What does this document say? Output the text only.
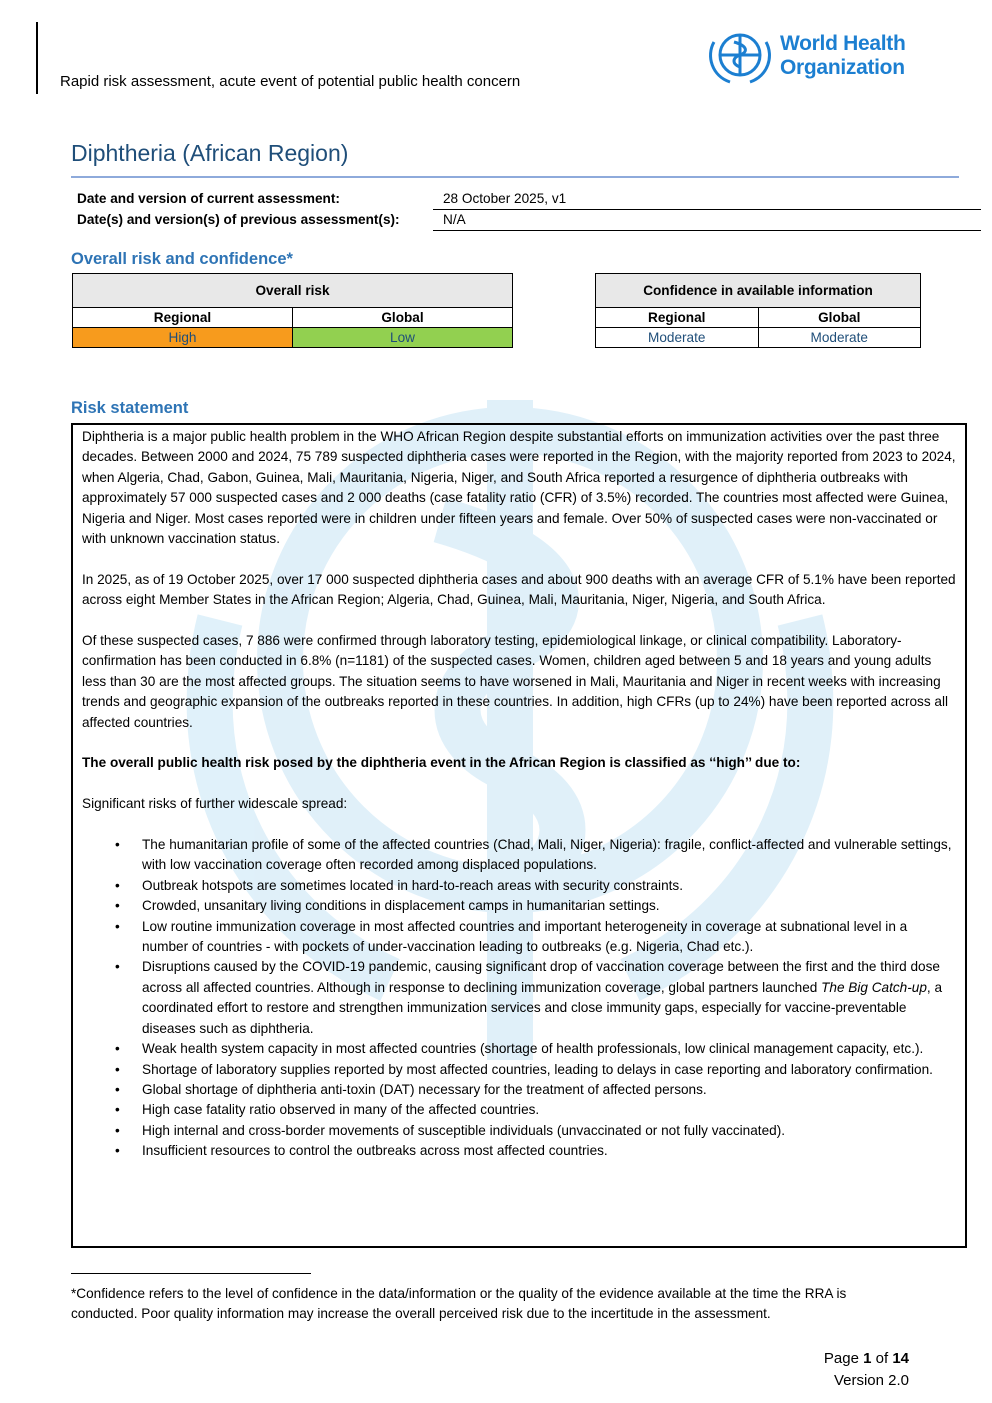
Rapid risk assessment, acute event of potential public health concern
World Health
Organization
Diphtheria (African Region)
Date and version of current assessment:	28 October 2025, v1
Date(s) and version(s) of previous assessment(s):	N/A
Overall risk and confidence*
Overall risk	
Regional	Global
High	Low
Confidence in available information	
Regional	Global
Moderate	Moderate
Risk statement

Diphtheria is a major public health problem in the WHO African Region despite substantial efforts on immunization activities over the past three decades. Between 2000 and 2024, 75 789 suspected diphtheria cases were reported in the Region, with the majority reported from 2023 to 2024, when Algeria, Chad, Gabon, Guinea, Mali, Mauritania, Nigeria, Niger, and South Africa reported a resurgence of diphtheria outbreaks with approximately 57 000 suspected cases and 2 000 deaths (case fatality ratio (CFR) of 3.5%) recorded. The countries most affected were Guinea, Nigeria and Niger. Most cases reported were in children under fifteen years and female. Over 50% of suspected cases were non-vaccinated or with unknown vaccination status.

In 2025, as of 19 October 2025, over 17 000 suspected diphtheria cases and about 900 deaths with an average CFR of 5.1% have been reported across eight Member States in the African Region; Algeria, Chad, Guinea, Mali, Mauritania, Niger, Nigeria, and South Africa.

Of these suspected cases, 7 886 were confirmed through laboratory testing, epidemiological linkage, or clinical compatibility. Laboratory-confirmation has been conducted in 6.8% (n=1181) of the suspected cases. Women, children aged between 5 and 18 years and young adults less than 30 are the most affected groups. The situation seems to have worsened in Mali, Mauritania and Niger in recent weeks with increasing trends and geographic expansion of the outbreaks reported in these countries. In addition, high CFRs (up to 24%) have been reported across all affected countries.

The overall public health risk posed by the diphtheria event in the African Region is classified as ‘‘high’’ due to:

Significant risks of further widescale spread:

• The humanitarian profile of some of the affected countries (Chad, Mali, Niger, Nigeria): fragile, conflict-affected and vulnerable settings, with low vaccination coverage often recorded among displaced populations.
• Outbreak hotspots are sometimes located in hard-to-reach areas with security constraints.
• Crowded, unsanitary living conditions in displacement camps in humanitarian settings.
• Low routine immunization coverage in most affected countries and important heterogeneity in coverage at subnational level in a number of countries - with pockets of under-vaccination leading to outbreaks (e.g. Nigeria, Chad etc.).
• Disruptions caused by the COVID-19 pandemic, causing significant drop of vaccination coverage between the first and the third dose across all affected countries. Although in response to declining immunization coverage, global partners launched The Big Catch-up, a coordinated effort to restore and strengthen immunization services and close immunity gaps, especially for vaccine-preventable diseases such as diphtheria.
• Weak health system capacity in most affected countries (shortage of health professionals, low clinical management capacity, etc.).
• Shortage of laboratory supplies reported by most affected countries, leading to delays in case reporting and laboratory confirmation.
• Global shortage of diphtheria anti-toxin (DAT) necessary for the treatment of affected persons.
• High case fatality ratio observed in many of the affected countries.
• High internal and cross-border movements of susceptible individuals (unvaccinated or not fully vaccinated).
• Insufficient resources to control the outbreaks across most affected countries.
*Confidence refers to the level of confidence in the data/information or the quality of the evidence available at the time the RRA is conducted. Poor quality information may increase the overall perceived risk due to the incertitude in the assessment.
Page 1 of 14
Version 2.0
